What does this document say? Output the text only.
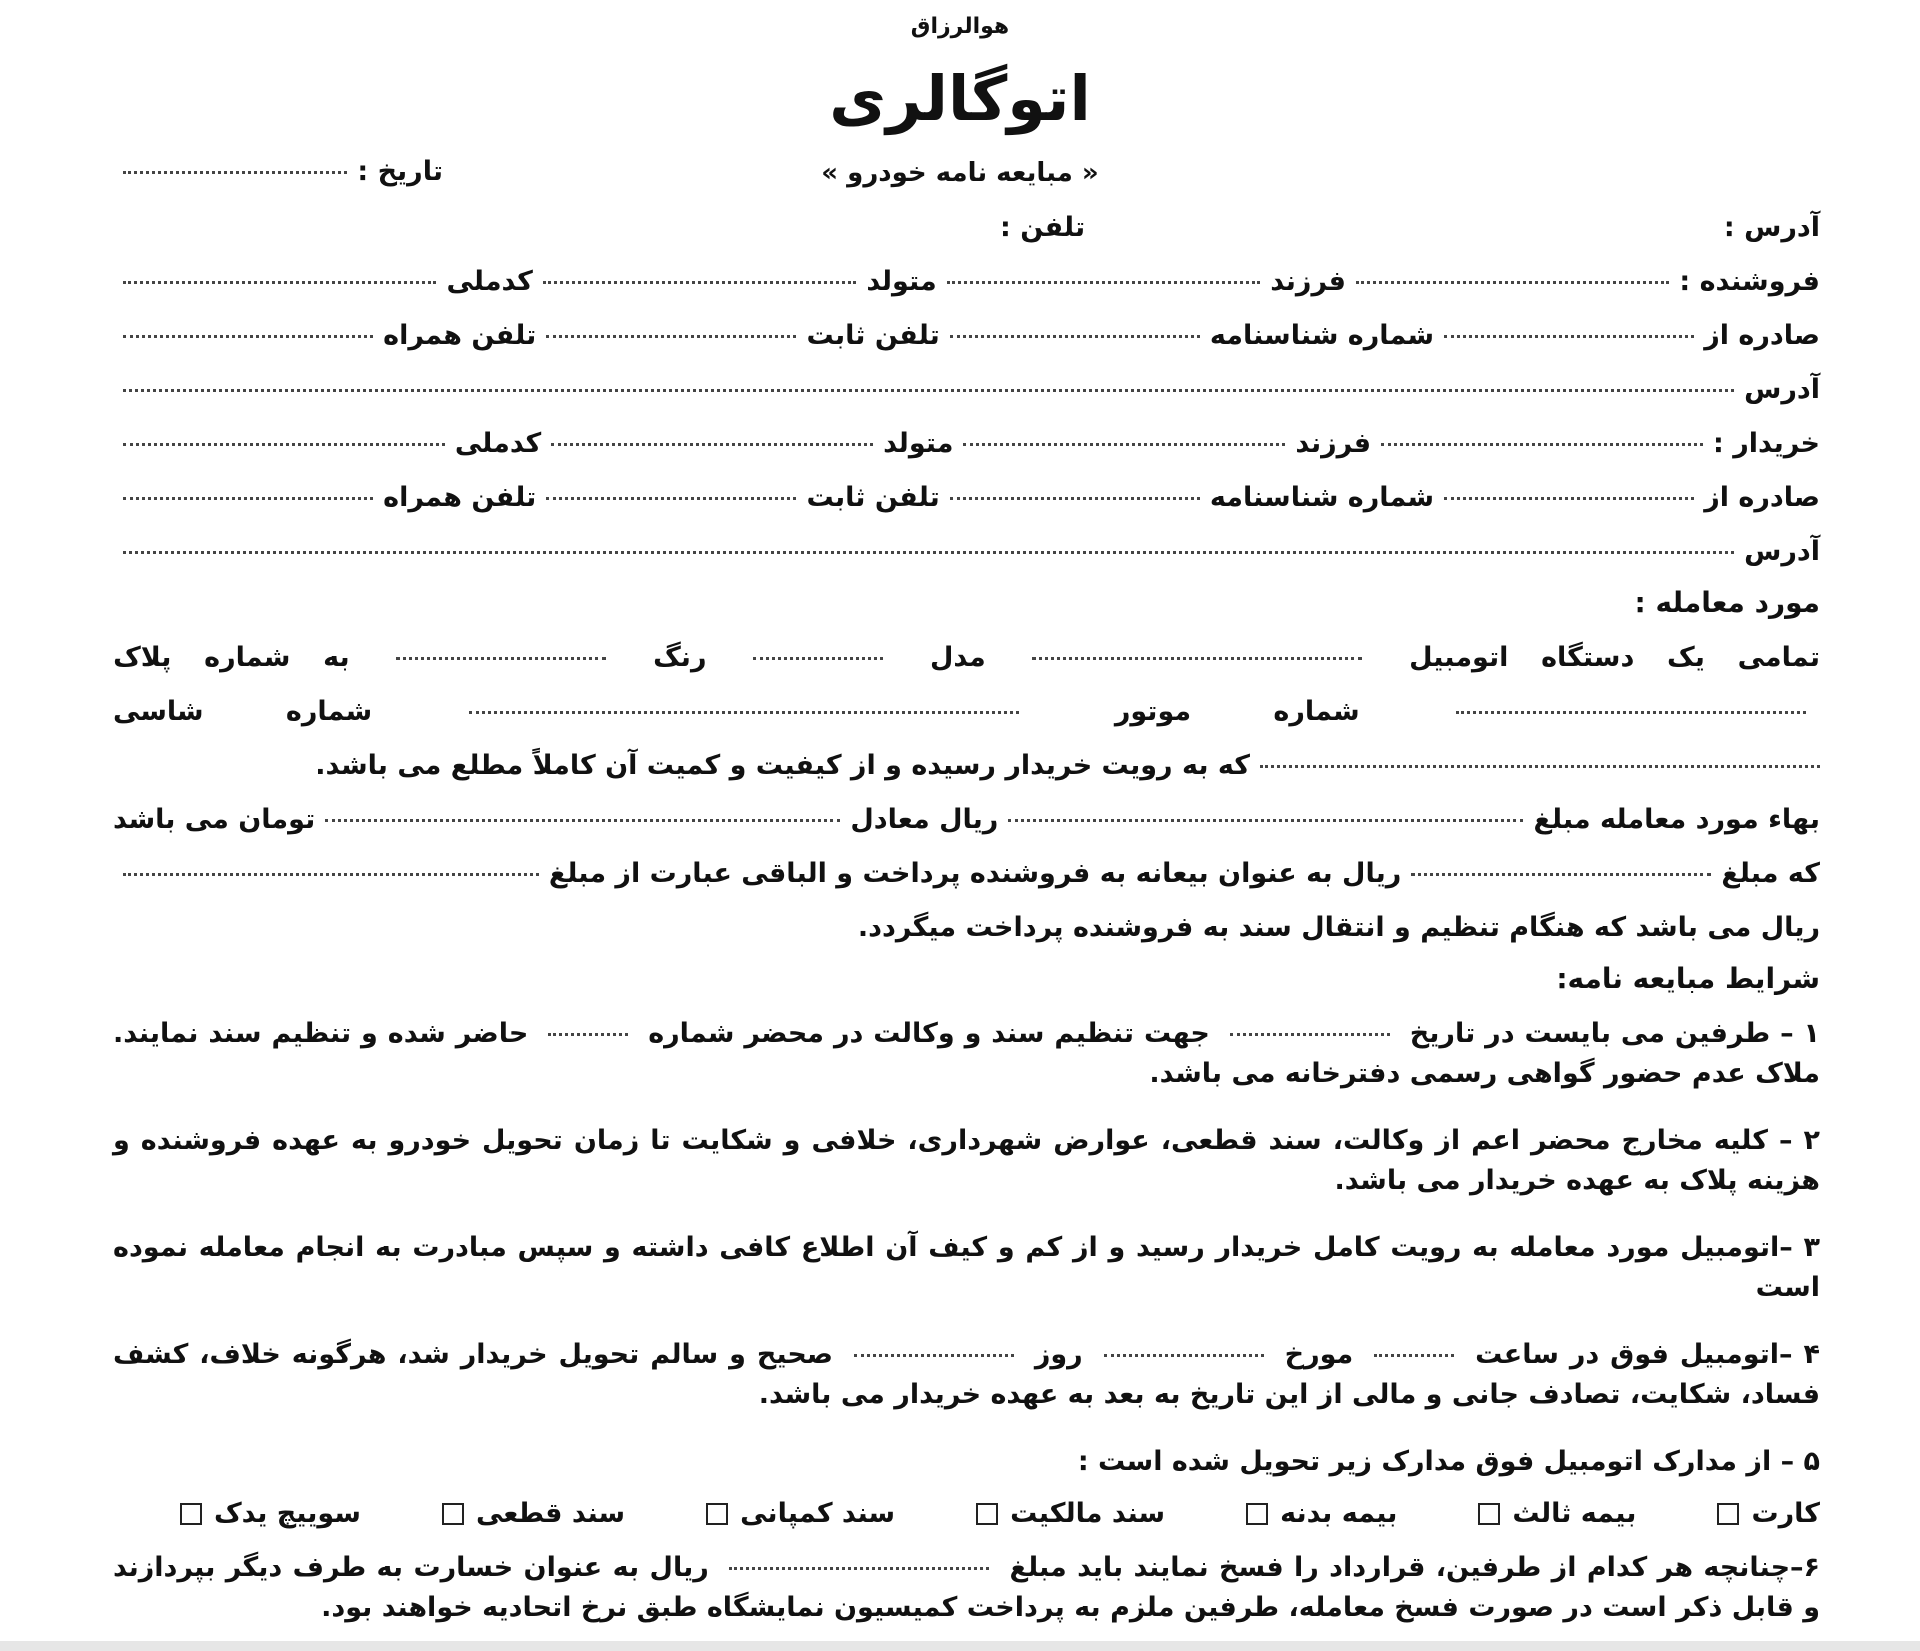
هوالرزاق
اتوگالری
« مبایعه نامه خودرو »
تاریخ :
آدرس :
تلفن :
فروشنده :
فرزند
متولد
کدملی
صادره از
شماره شناسنامه
تلفن ثابت
تلفن همراه
آدرس
خریدار :
فرزند
متولد
کدملی
صادره از
شماره شناسنامه
تلفن ثابت
تلفن همراه
آدرس
مورد معامله :
تمامی
یک
دستگاه
اتومبیل
مدل
رنگ
به
شماره
پلاک
شماره
موتور
شماره
شاسی
که به رویت خریدار رسیده و از کیفیت و کمیت آن کاملاً مطلع می باشد.
بهاء مورد معامله مبلغ
ریال معادل
تومان می باشد
که مبلغ
ریال به عنوان بیعانه به فروشنده پرداخت و الباقی عبارت از مبلغ
ریال می باشد که هنگام تنظیم و انتقال سند به فروشنده پرداخت میگردد.
شرایط مبایعه نامه:
۱ – طرفین می بایست در تاریخ  جهت تنظیم سند و وکالت در محضر شماره  حاضر شده و تنظیم سند نمایند. ملاک عدم حضور گواهی رسمی دفترخانه می باشد.
۲ – کلیه مخارج محضر اعم از وکالت، سند قطعی، عوارض شهرداری، خلافی و شکایت تا زمان تحویل خودرو به عهده فروشنده و هزینه پلاک به عهده خریدار می باشد.
۳ –اتومبیل مورد معامله به رویت کامل خریدار رسید و از کم و کیف آن اطلاع کافی داشته و سپس مبادرت به انجام معامله نموده است
۴ –اتومبیل فوق در ساعت  مورخ  روز  صحیح و سالم تحویل خریدار شد، هرگونه خلاف، کشف فساد، شکایت، تصادف جانی و مالی از این تاریخ به بعد به عهده خریدار می باشد.
۵ – از مدارک اتومبیل فوق مدارک زیر تحویل شده است :
کارت
بیمه ثالث
بیمه بدنه
سند مالکیت
سند کمپانی
سند قطعی
سوییچ یدک
۶–چنانچه هر کدام از طرفین، قرارداد را فسخ نمایند باید مبلغ  ریال به عنوان خسارت به طرف دیگر بپردازند و قابل ذکر است در صورت فسخ معامله، طرفین ملزم به پرداخت کمیسیون نمایشگاه طبق نرخ اتحادیه خواهند بود.
